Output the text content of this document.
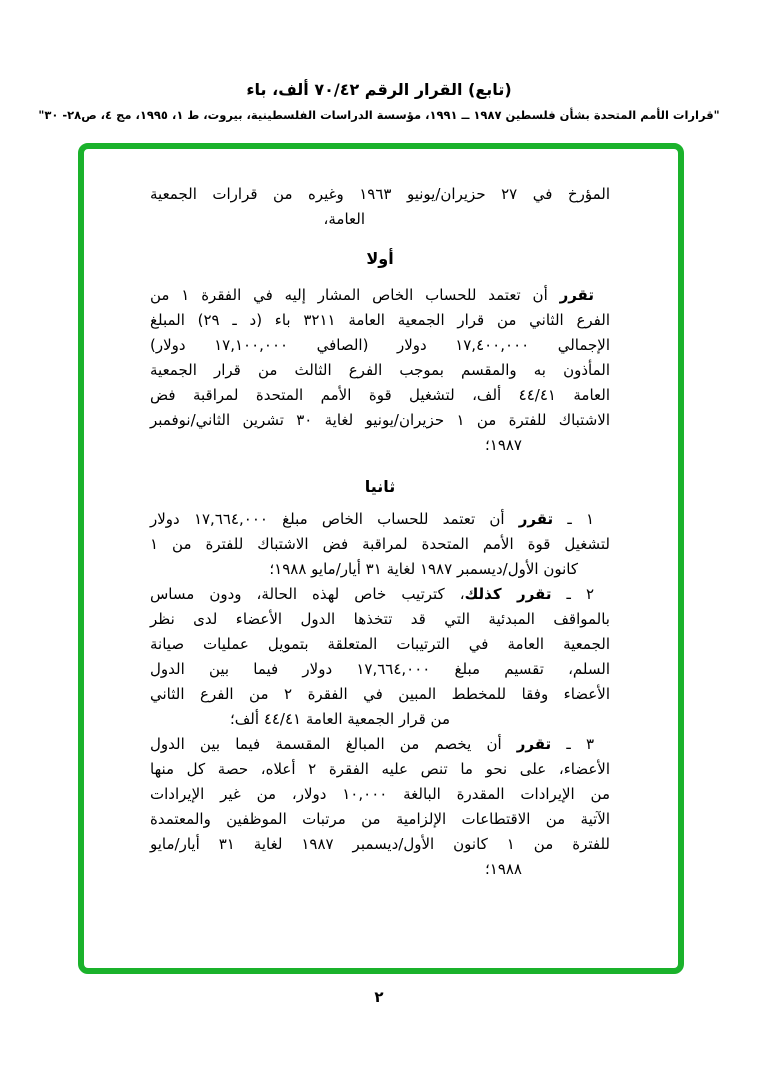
(تابع) القرار الرقم ٧٠/٤٢ ألف، باء
"قرارات الأمم المتحدة بشأن فلسطين ١٩٨٧ ــ ١٩٩١، مؤسسة الدراسات الفلسطينية، بيروت، ط ١، ١٩٩٥، مج ٤، ص٢٨- ٣٠"
المؤرخ في ٢٧ حزيران/يونيو ١٩٦٣ وغيره من قرارات الجمعية
العامة،
أولا
تقرر أن تعتمد للحساب الخاص المشار إليه في الفقرة ١ من
الفرع الثاني من قرار الجمعية العامة ٣٢١١ باء (د ـ ٢٩) المبلغ
الإجمالي ١٧,٤٠٠,٠٠٠ دولار (الصافي ١٧,١٠٠,٠٠٠ دولار)
المأذون به والمقسم بموجب الفرع الثالث من قرار الجمعية
العامة ٤٤/٤١ ألف، لتشغيل قوة الأمم المتحدة لمراقبة فض
الاشتباك للفترة من ١ حزيران/يونيو لغاية ٣٠ تشرين الثاني/نوفمبر
١٩٨٧؛
ثانيا
١ ـ تقرر أن تعتمد للحساب الخاص مبلغ ١٧,٦٦٤,٠٠٠ دولار
لتشغيل قوة الأمم المتحدة لمراقبة فض الاشتباك للفترة من ١
كانون الأول/ديسمبر ١٩٨٧ لغاية ٣١ أيار/مايو ١٩٨٨؛
٢ ـ تقرر كذلك، كترتيب خاص لهذه الحالة، ودون مساس
بالمواقف المبدئية التي قد تتخذها الدول الأعضاء لدى نظر
الجمعية العامة في الترتيبات المتعلقة بتمويل عمليات صيانة
السلم، تقسيم مبلغ ١٧,٦٦٤,٠٠٠ دولار فيما بين الدول
الأعضاء وفقا للمخطط المبين في الفقرة ٢ من الفرع الثاني
من قرار الجمعية العامة ٤٤/٤١ ألف؛
٣ ـ تقرر أن يخصم من المبالغ المقسمة فيما بين الدول
الأعضاء، على نحو ما تنص عليه الفقرة ٢ أعلاه، حصة كل منها
من الإيرادات المقدرة البالغة ١٠,٠٠٠ دولار، من غير الإيرادات
الآتية من الاقتطاعات الإلزامية من مرتبات الموظفين والمعتمدة
للفترة من ١ كانون الأول/ديسمبر ١٩٨٧ لغاية ٣١ أيار/مايو
١٩٨٨؛
٢
